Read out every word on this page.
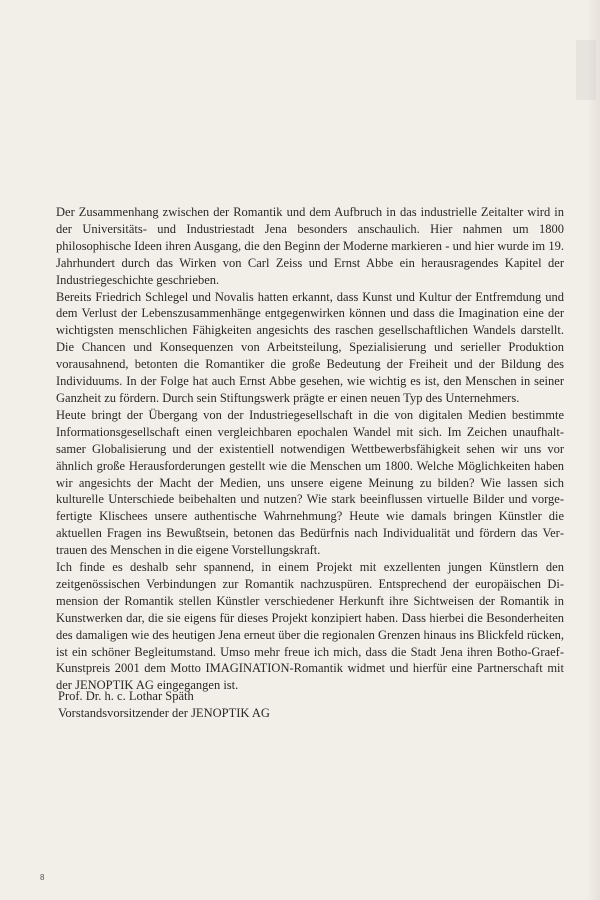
Der Zusammenhang zwischen der Romantik und dem Aufbruch in das industrielle Zeitalter wird in der Universitäts- und Industriestadt Jena besonders anschaulich. Hier nahmen um 1800 philosophische Ideen ihren Ausgang, die den Beginn der Moderne markieren - und hier wurde im 19. Jahrhundert durch das Wirken von Carl Zeiss und Ernst Abbe ein herausragendes Kapitel der Industriegeschichte geschrieben.

Bereits Friedrich Schlegel und Novalis hatten erkannt, dass Kunst und Kultur der Entfremdung und dem Verlust der Lebenszusammenhänge entgegenwirken können und dass die Imagination eine der wichtigsten menschlichen Fähigkeiten angesichts des raschen gesellschaftlichen Wandels darstellt. Die Chancen und Konsequenzen von Arbeitsteilung, Spezialisierung und serieller Produktion vorausahnend, betonten die Romantiker die große Bedeutung der Freiheit und der Bildung des Individuums. In der Folge hat auch Ernst Abbe gesehen, wie wichtig es ist, den Menschen in seiner Ganzheit zu fördern. Durch sein Stiftungswerk prägte er einen neuen Typ des Unternehmers.

Heute bringt der Übergang von der Industriegesellschaft in die von digitalen Medien bestimmte Informationsgesellschaft einen vergleichbaren epochalen Wandel mit sich. Im Zeichen unaufhaltsamer Globalisierung und der existentiell notwendigen Wettbewerbsfähigkeit sehen wir uns vor ähnlich große Herausforderungen gestellt wie die Menschen um 1800. Welche Möglichkeiten haben wir angesichts der Macht der Medien, uns unsere eigene Meinung zu bilden? Wie lassen sich kulturelle Unterschiede beibehalten und nutzen? Wie stark beeinflussen virtuelle Bilder und vorgefertigte Klischees unsere authentische Wahrnehmung? Heute wie damals bringen Künstler die aktuellen Fragen ins Bewußtsein, betonen das Bedürfnis nach Individualität und fördern das Vertrauen des Menschen in die eigene Vorstellungskraft.

Ich finde es deshalb sehr spannend, in einem Projekt mit exzellenten jungen Künstlern den zeitgenössischen Verbindungen zur Romantik nachzuspüren. Entsprechend der europäischen Dimension der Romantik stellen Künstler verschiedener Herkunft ihre Sichtweisen der Romantik in Kunstwerken dar, die sie eigens für dieses Projekt konzipiert haben. Dass hierbei die Besonderheiten des damaligen wie des heutigen Jena erneut über die regionalen Grenzen hinaus ins Blickfeld rücken, ist ein schöner Begleitumstand. Umso mehr freue ich mich, dass die Stadt Jena ihren Botho-Graef-Kunstpreis 2001 dem Motto IMAGINATION-Romantik widmet und hierfür eine Partnerschaft mit der JENOPTIK AG eingegangen ist.

Prof. Dr. h. c. Lothar Späth
Vorstandsvorsitzender der JENOPTIK AG
8
